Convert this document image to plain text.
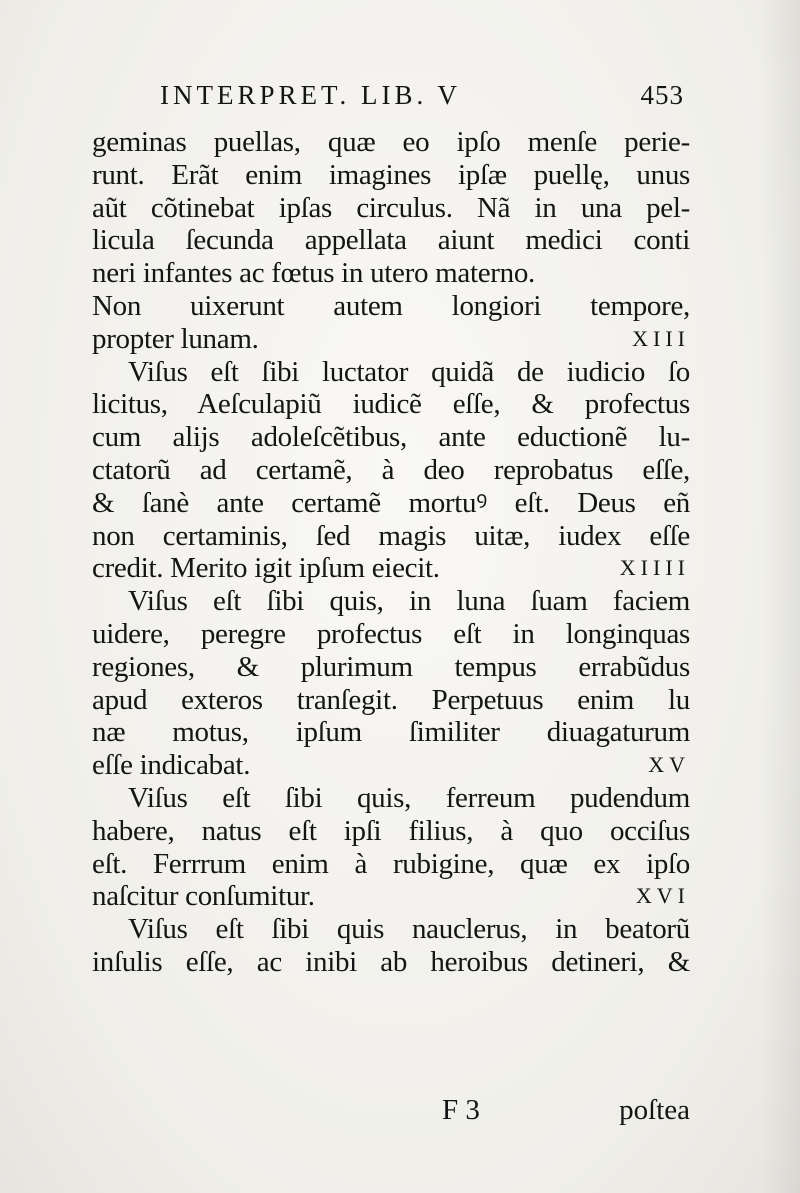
INTERPRET. LIB. V	453
geminas puellas, quæ eo ipſo menſe perie-
runt. Erãt enim imagines ipſæ puellę, unus
aũt cõtinebat ipſas circulus. Nã in una pel-
licula ſecunda appellata aiunt medici conti
neri infantes ac fœtus in utero materno.
Non uixerunt autem longiori tempore,
propter lunam.	XIII
Viſus eſt ſibi luctator quidã de iudicio ſo
licitus, Aeſculapiũ iudicẽ eſſe, & profectus
cum alijs adoleſcẽtibus, ante eductionẽ lu-
ctatorũ ad certamẽ, à deo reprobatus eſſe,
& ſanè ante certamẽ mortuꝰ eſt. Deus eñ
non certaminis, ſed magis uitæ, iudex eſſe
credit. Merito igit ipſum eiecit.	XIIII
Viſus eſt ſibi quis, in luna ſuam faciem
uidere, peregre profectus eſt in longinquas
regiones, & plurimum tempus errabũdus
apud exteros tranſegit. Perpetuus enim lu
næ motus, ipſum ſimiliter diuagaturum
eſſe indicabat.	XV
Viſus eſt ſibi quis, ferreum pudendum
habere, natus eſt ipſi filius, à quo occiſus
eſt. Ferrrum enim à rubigine, quæ ex ipſo
naſcitur conſumitur.	XVI
Viſus eſt ſibi quis nauclerus, in beatorũ
inſulis eſſe, ac inibi ab heroibus detineri, &
F 3	poſtea
